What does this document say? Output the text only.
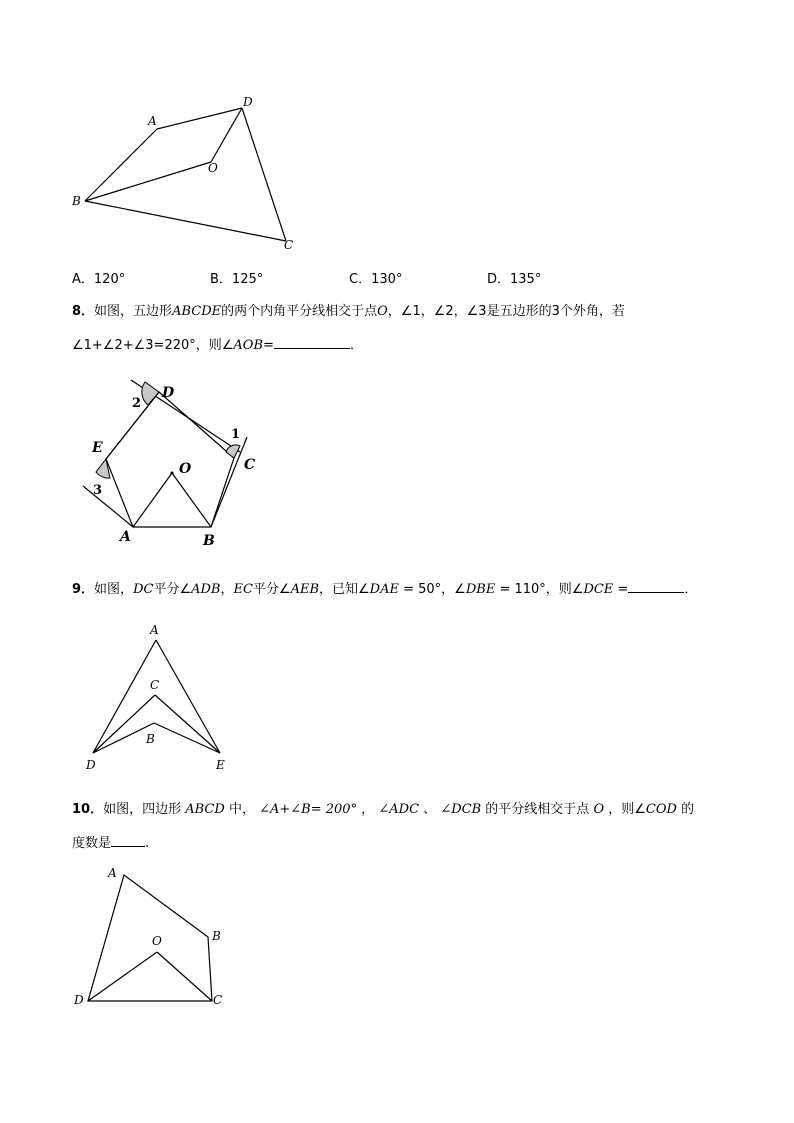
A
D
O
B
C
A．120°	B．125°	C．130°	D．135°
8．如图，五边形ABCDE的两个内角平分线相交于点O，∠1，∠2，∠3是五边形的3个外角，若
∠1+∠2+∠3=220°，则∠AOB=	．
2
D
1
C
E
O
3
A	B
9．如图，DC平分∠ADB，EC平分∠AEB，已知∠DAE = 50°，∠DBE = 110°，则∠DCE =	．
A
C
B
D	E
10．如图，四边形 ABCD 中， ∠A+∠B= 200° ， ∠ADC 、 ∠DCB 的平分线相交于点 O ，则∠COD 的
度数是	.
A
O	B
D	C
